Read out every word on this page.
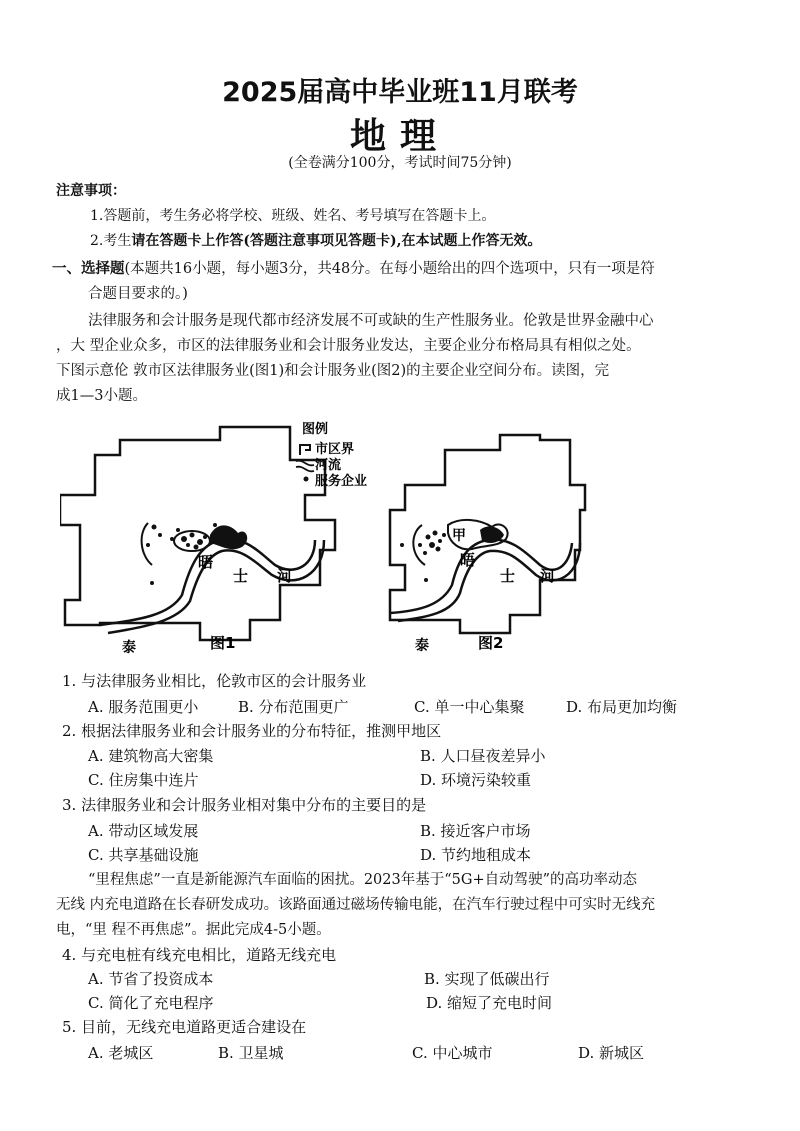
2025届高中毕业班11月联考
地理
(全卷满分100分，考试时间75分钟)
注意事项：
1.答题前，考生务必将学校、班级、姓名、考号填写在答题卡上。
2.考生请在答题卡上作答(答题注意事项见答题卡),在本试题上作答无效。
一、选择题(本题共16小题，每小题3分，共48分。在每小题给出的四个选项中，只有一项是符
合题目要求的。)
法律服务和会计服务是现代都市经济发展不可或缺的生产性服务业。伦敦是世界金融中心
，大 型企业众多，市区的法律服务业和会计服务业发达，主要企业分布格局具有相似之处。
下图示意伦 敦市区法律服务业(图1)和会计服务业(图2)的主要企业空间分布。读图，完
成1—3小题。
晤
士 河
泰	图1
图例
市区界
河流
服务企业
甲
晤
士 河
泰	图2
1. 与法律服务业相比，伦敦市区的会计服务业
A. 服务范围更小	B. 分布范围更广	C. 单一中心集聚	D. 布局更加均衡
2. 根据法律服务业和会计服务业的分布特征，推测甲地区
A. 建筑物高大密集	B. 人口昼夜差异小
C. 住房集中连片	D. 环境污染较重
3. 法律服务业和会计服务业相对集中分布的主要目的是
A. 带动区域发展	B. 接近客户市场
C. 共享基础设施	D. 节约地租成本
“里程焦虑”一直是新能源汽车面临的困扰。2023年基于“5G+自动驾驶”的高功率动态
无线 内充电道路在长春研发成功。该路面通过磁场传输电能，在汽车行驶过程中可实时无线充
电，“里 程不再焦虑”。据此完成4-5小题。
4. 与充电桩有线充电相比，道路无线充电
A. 节省了投资成本	B. 实现了低碳出行
C. 简化了充电程序	D. 缩短了充电时间
5. 目前，无线充电道路更适合建设在
A. 老城区	B. 卫星城	C. 中心城市	D. 新城区
